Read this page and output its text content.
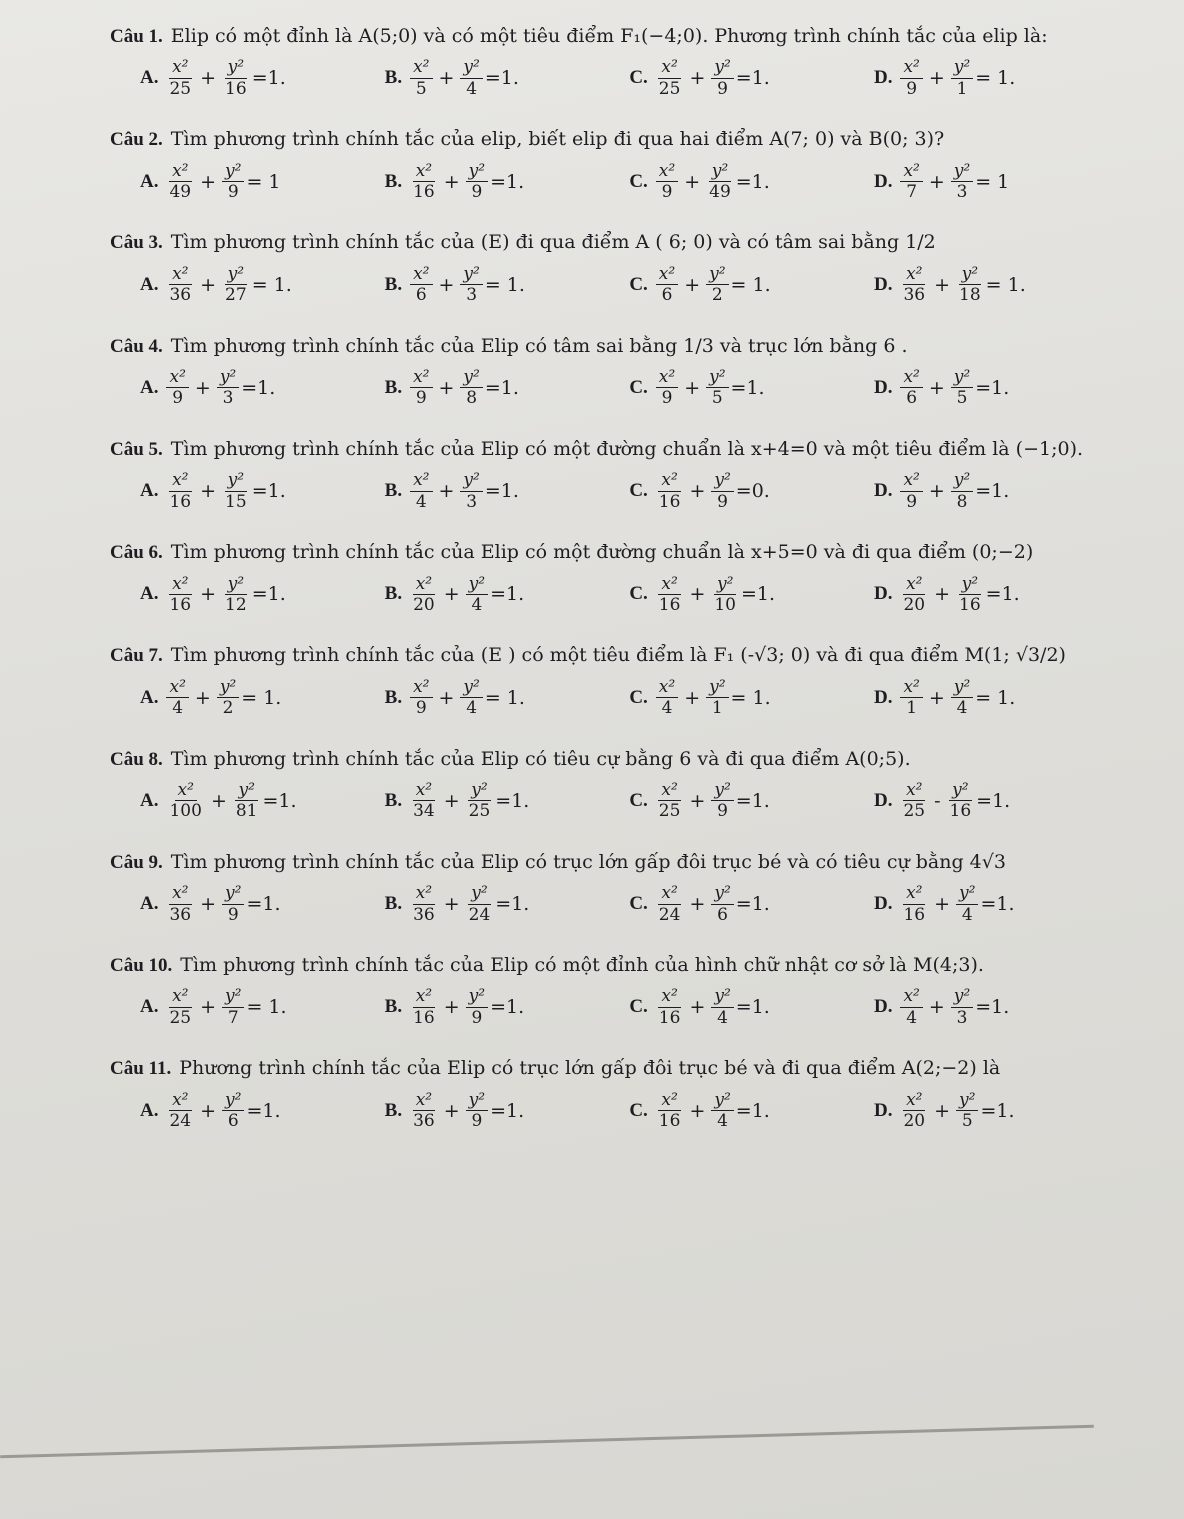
Câu 1. Elip có một đỉnh là A(5;0) và có một tiêu điểm F₁(−4;0). Phương trình chính tắc của elip là:
A. $\frac{\text{x²}}{25} + \frac{\text{y²}}{16} =1$.	B. $\frac{\text{x²}}{5} + \frac{\text{y²}}{4} =1$.	C. $\frac{\text{x²}}{25} + \frac{\text{y²}}{9} =1$.	D. $\frac{\text{x²}}{9} + \frac{\text{y²}}{1} = 1$.
Câu 2. Tìm phương trình chính tắc của elip, biết elip đi qua hai điểm A(7; 0) và B(0; 3)?
A. $\frac{\text{x²}}{49} + \frac{\text{y²}}{9} = 1$	B. $\frac{\text{x²}}{16} + \frac{\text{y²}}{9} =1$.	C. $\frac{\text{x²}}{9} + \frac{\text{y²}}{49} =1$.	D. $\frac{\text{x²}}{7} + \frac{\text{y²}}{3} = 1$
Câu 3. Tìm phương trình chính tắc của (E) đi qua điểm A ( 6; 0) và có tâm sai bằng 1/2
A. $\frac{\text{x²}}{36} + \frac{\text{y²}}{27} = 1$.	B. $\frac{\text{x²}}{6} + \frac{\text{y²}}{3} = 1$.	C. $\frac{\text{x²}}{6} + \frac{\text{y²}}{2} = 1$.	D. $\frac{\text{x²}}{36} + \frac{\text{y²}}{18} = 1$.
Câu 4. Tìm phương trình chính tắc của Elip có tâm sai bằng 1/3 và trục lớn bằng 6 .
A. $\frac{\text{x²}}{9} + \frac{\text{y²}}{3} =1$.	B. $\frac{\text{x²}}{9} + \frac{\text{y²}}{8} =1$.	C. $\frac{\text{x²}}{9} + \frac{\text{y²}}{5} =1$.	D. $\frac{\text{x²}}{6} + \frac{\text{y²}}{5} =1$.
Câu 5. Tìm phương trình chính tắc của Elip có một đường chuẩn là x+4=0 và một tiêu điểm là (−1;0).
A. $\frac{\text{x²}}{16} + \frac{\text{y²}}{15} =1$.	B. $\frac{\text{x²}}{4} + \frac{\text{y²}}{3} =1$.	C. $\frac{\text{x²}}{16} + \frac{\text{y²}}{9} =0$.	D. $\frac{\text{x²}}{9} + \frac{\text{y²}}{8} =1$.
Câu 6. Tìm phương trình chính tắc của Elip có một đường chuẩn là x+5=0 và đi qua điểm (0;−2)
A. $\frac{\text{x²}}{16} + \frac{\text{y²}}{12} =1$.	B. $\frac{\text{x²}}{20} + \frac{\text{y²}}{4} =1$.	C. $\frac{\text{x²}}{16} + \frac{\text{y²}}{10} =1$.	D. $\frac{\text{x²}}{20} + \frac{\text{y²}}{16} =1$.
Câu 7. Tìm phương trình chính tắc của (E ) có một tiêu điểm là F₁ (-√3; 0) và đi qua điểm M(1; √3/2)
A. $\frac{\text{x²}}{4} + \frac{\text{y²}}{2} = 1$.	B. $\frac{\text{x²}}{9} + \frac{\text{y²}}{4} = 1$.	C. $\frac{\text{x²}}{4} + \frac{\text{y²}}{1} = 1$.	D. $\frac{\text{x²}}{1} + \frac{\text{y²}}{4} = 1$.
Câu 8. Tìm phương trình chính tắc của Elip có tiêu cự bằng 6 và đi qua điểm A(0;5).
A. $\frac{\text{x²}}{100} + \frac{\text{y²}}{81} =1$.	B. $\frac{\text{x²}}{34} + \frac{\text{y²}}{25} =1$.	C. $\frac{\text{x²}}{25} + \frac{\text{y²}}{9} =1$.	D. $\frac{\text{x²}}{25} - \frac{\text{y²}}{16} =1$.
Câu 9. Tìm phương trình chính tắc của Elip có trục lớn gấp đôi trục bé và có tiêu cự bằng 4√3
A. $\frac{\text{x²}}{36} + \frac{\text{y²}}{9} =1$.	B. $\frac{\text{x²}}{36} + \frac{\text{y²}}{24} =1$.	C. $\frac{\text{x²}}{24} + \frac{\text{y²}}{6} =1$.	D. $\frac{\text{x²}}{16} + \frac{\text{y²}}{4} =1$.
Câu 10. Tìm phương trình chính tắc của Elip có một đỉnh của hình chữ nhật cơ sở là M(4;3).
A. $\frac{\text{x²}}{25} + \frac{\text{y²}}{7} = 1$.	B. $\frac{\text{x²}}{16} + \frac{\text{y²}}{9} =1$.	C. $\frac{\text{x²}}{16} + \frac{\text{y²}}{4} =1$.	D. $\frac{\text{x²}}{4} + \frac{\text{y²}}{3} =1$.
Câu 11. Phương trình chính tắc của Elip có trục lớn gấp đôi trục bé và đi qua điểm A(2;−2) là
A. $\frac{\text{x²}}{24} + \frac{\text{y²}}{6} =1$.	B. $\frac{\text{x²}}{36} + \frac{\text{y²}}{9} =1$.	C. $\frac{\text{x²}}{16} + \frac{\text{y²}}{4} =1$.	D. $\frac{\text{x²}}{20} + \frac{\text{y²}}{5} =1$.
